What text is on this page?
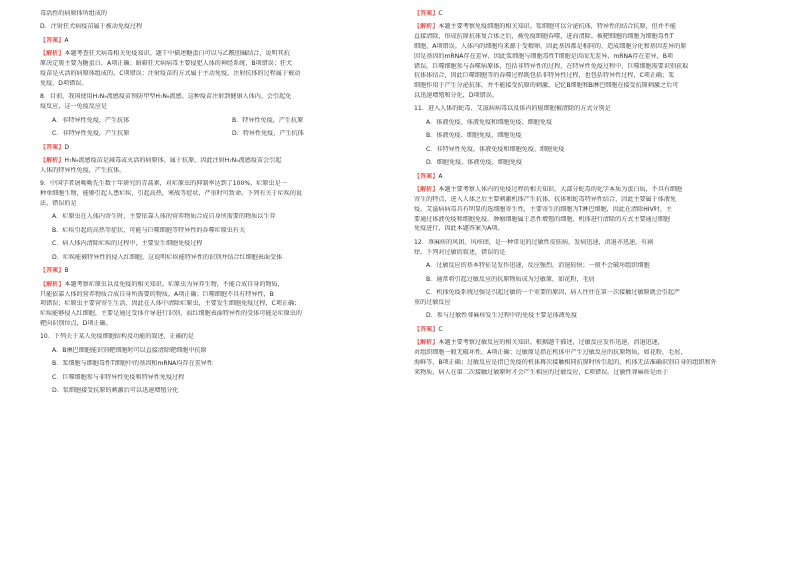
毒活性的病原体所组成的
D．注射狂犬病疫苗属于被动免疫过程
【答案】A
【解析】本题考查狂犬病毒相关免疫知识。题干中描述糖蛋白可以与乙酰胆碱结合，说明其抗
原决定簇主要为糖蛋白，A项正确；暗箱狂犬病病毒主要侵犯人体的神经系统，B项错误；狂犬
疫苗是灭活的病原体组成的，C项错误；注射疫苗的方式属于主动免疫，注射抗体的过程属于被动
免疫，D项错误。
8．目前，我国使用H₇N₉流感疫苗预防甲型H₇N₉流感。这种疫苗注射到健康人体内，会引起免
疫反应，这一免疫反应是
A．非特异性免疫，产生抗体	B．特异性免疫，产生抗原
C．非特异性免疫，产生抗原	D．特异性免疫，产生抗体
【答案】D
【解析】H₇N₉流感疫苗是减毒或灭活的病原体，属于抗原，因此注射H₇N₉流感疫苗会引起
人体的特异性免疫，产生抗体。
9．中国学者屠呦呦先生数十年研究的青蒿素，对疟原虫的抑制率达到了100%，疟原虫是一
种单细胞生物，能够引起人患疟疾，引起高热，寒战等症状，严重时可致命。下列有关于疟疾的说
法，错误的是
A．疟原虫在人体内寄生时，主要依靠人体的营养物质合成自身所需要的物质以生存
B．疟疾引起的高热等症状，可能与巨噬细胞等特异性的吞噬疟原虫有关
C．病人体内清除疟疾的过程中，主要发生细胞免疫过程
D．疟疾能被特异性的侵入红细胞，这说明疟疾能特异性的识别并结合红细胞表面受体
【答案】B
【解析】本题考察疟原虫以及免疫的相关知识。疟原虫为异养生物，不能合成自身的物质，
只能依靠人体的营养物质合成自身所需要的物质，A项正确；巨噬细胞不具有特异性，B
项错误；疟原虫主要营寄生生活，因此在人体中清除疟原虫，主要发生细胞免疫过程，C项正确；
疟疾能够侵入红细胞，主要是通过受体介导进行识别，而红细胞表面特异性的受体可能是疟原虫的
靶向识别位点，D项正确。
10．下列关于某人免疫细胞结构及功能的叙述，正确的是
A．B淋巴细胞能识别靶细胞时可以直接清除靶细胞中抗原
B．浆细胞与细胞毒性T细胞中的基因和mRNA均存在差异性
C．巨噬细胞参与非特异性免疫和特异性免疫过程
D．浆细胞接受抗原的刺激后可以迅速增殖分化
【答案】C
【解析】本题主要考察免疫细胞的相关知识。浆细胞可以分泌抗体，特异性的结合抗原，但并不能
直接清除，形成抗原抗体复合体之后，被免疫细胞吞噬，进而清除。被靶细胞的细胞为细胞毒性T
细胞，A项错误。人体内的细胞均来源于受精卵，因此基因都是相同的，造成细胞分化和基因差异的原
因是基因的mRNA存在差异，因此浆细胞与细胞毒性T细胞是因而无差异，mRNA存在差异，B项
错误。巨噬细胞参与吞噬病原体，包括非特异性的过程，在特异性免疫过程中，巨噬细胞需要识别获取
抗体体结合，因此巨噬细胞等的吞噬过程既包括非特异性过程，也包括特异性过程，C项正确；浆
细胞作用于产生分泌抗体，并不能接受抗原的刺激，记忆B细胞和B淋巴细胞在接受抗原刺激之后可
以迅速增殖和分化，D项错误。
11．进入人体的蛇毒、艾滋病病毒以及体内的癌细胞被清除的方式分别是
A．体液免疫、体液免疫和细胞免疫、细胞免疫
B．体液免疫、细胞免疫、细胞免疫
C．非特异性免疫、体液免疫和细胞免疫、细胞免疫
D．细胞免疫、体液免疫、细胞免疫
【答案】A
【解析】本题主要考察人体内的免疫过程的相关知识。大部分蛇毒的化学本质为蛋白质，不具有细胞
寄生的特点，进入人体之后主要刺激机体产生抗体，抗体和蛇毒特异性结合，因此主要属于体液免
疫。艾滋病病毒具有明显的选细胞寄生性，主要寄生的细胞为T淋巴细胞，因此在清除HIV时，主
要通过体液免疫和细胞免疫。肿瘤细胞属于恶性增殖的细胞，机体进行清除的方式主要通过细胞
免疫进行，因此本题答案为A项。
12．荨麻疹的风团、风疹团，是一种常见的过敏性皮肤病，发病迅速，消退亦迅速，有剧
痒。下列对过敏的叙述，错误的是
A．过敏反应的基本特征是发作迅速，反应强烈，消退较快；一般不会破坏组织细胞
B．通常将引起过敏反应的抗原物质成为过敏原，如花粉，毛屑
C．机体免疫系统过强是引起过敏的一个重要的原因，病人往往在第一次接触过敏原就会引起严
重的过敏反应
D．参与过敏性荨麻疹发生过程中的免疫主要是体液免疫
【答案】C
【解析】本题主要考察过敏反应的相关知识。根据题干描述，过敏反应发作迅速，消退迅速，
对组织细胞一般无破坏性，A项正确；过敏原是指在机体中产生过敏反应的抗原物质，如花粉，毛屑，
海鲜等，B项正确；过敏反应是指已免疫的机体再次接触相同抗原时所引起的，机体无法准确识别自身的组织和外
来物质，病人在第二次接触过敏原时才会产生相应的过敏反应，C项错误。过敏性荨麻疹是由于
